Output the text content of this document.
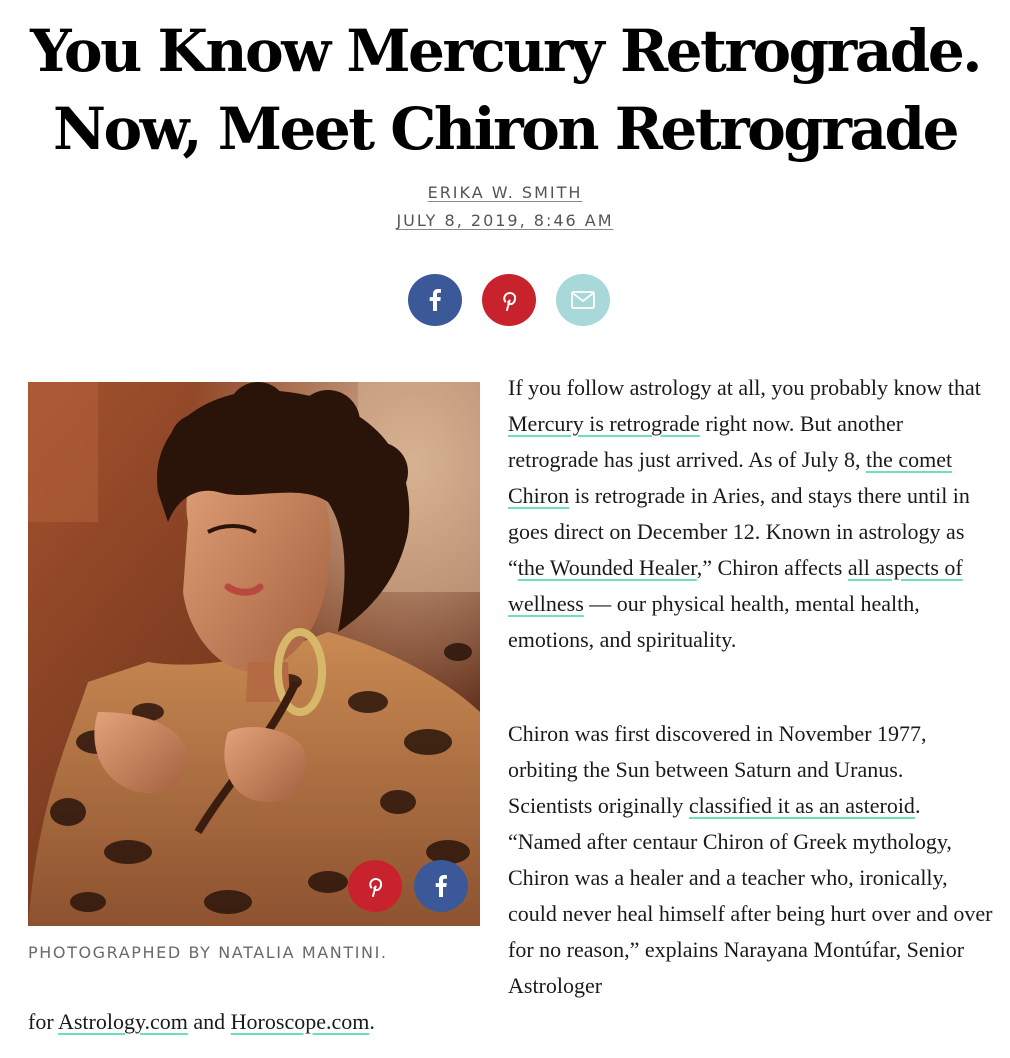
You Know Mercury Retrograde.
Now, Meet Chiron Retrograde
ERIKA W. SMITH
JULY 8, 2019, 8:46 AM
PHOTOGRAPHED BY NATALIA MANTINI.

If you follow astrology at all, you probably know that Mercury is retrograde right now. But another retrograde has just arrived. As of July 8, the comet Chiron is retrograde in Aries, and stays there until in goes direct on December 12. Known in astrology as “the Wounded Healer,” Chiron affects all aspects of wellness — our physical health, mental health, emotions, and spirituality.

Chiron was first discovered in November 1977, orbiting the Sun between Saturn and Uranus. Scientists originally classified it as an asteroid. “Named after centaur Chiron of Greek mythology, Chiron was a healer and a teacher who, ironically, could never heal himself after being hurt over and over for no reason,” explains Narayana Montúfar, Senior Astrologer

for Astrology.com and Horoscope.com.
